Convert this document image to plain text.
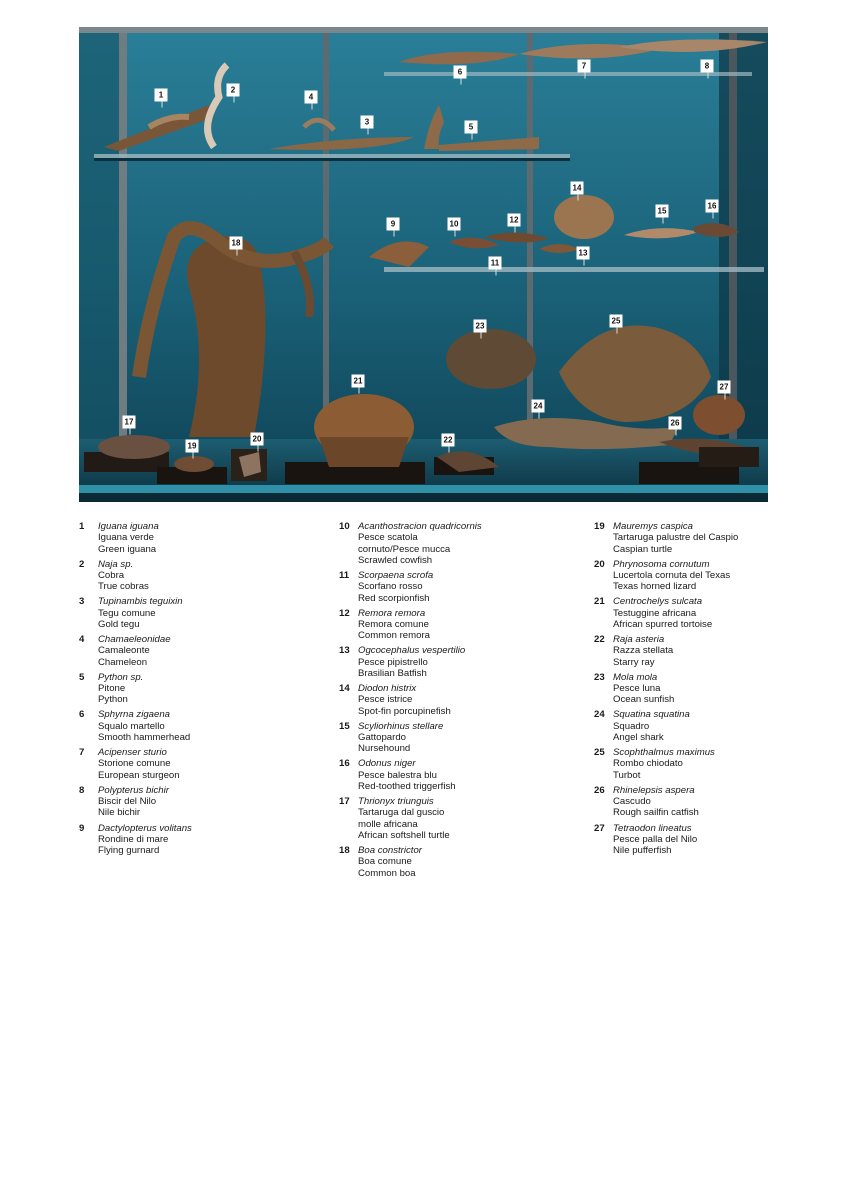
1
2
3
4
5
6
7	8
9	10
11
12
13
14
15
16
17
18
19
20
21
22
23
24
25
26
27
1 Iguana iguana
Iguana verde
Green iguana
2 Naja sp.
Cobra
True cobras
3 Tupinambis teguixin
Tegu comune
Gold tegu
4 Chamaeleonidae
Camaleonte
Chameleon
5 Python sp.
Pitone
Python
6 Sphyrna zigaena
Squalo martello
Smooth hammerhead
7 Acipenser sturio
Storione comune
European sturgeon
8 Polypterus bichir
Biscir del Nilo
Nile bichir
9 Dactylopterus volitans
Rondine di mare
Flying gurnard
10 Acanthostracion quadricornis
Pesce scatola
cornuto/Pesce mucca
Scrawled cowfish
11 Scorpaena scrofa
Scorfano rosso
Red scorpionfish
12 Remora remora
Remora comune
Common remora
13 Ogcocephalus vespertilio
Pesce pipistrello
Brasilian Batfish
14 Diodon histrix
Pesce istrice
Spot-fin porcupinefish
15 Scyliorhinus stellare
Gattopardo
Nursehound
16 Odonus niger
Pesce balestra blu
Red-toothed triggerfish
17 Thrionyx triunguis
Tartaruga dal guscio
molle africana
African softshell turtle
18 Boa constrictor
Boa comune
Common boa
19 Mauremys caspica
Tartaruga palustre del Caspio
Caspian turtle
20 Phrynosoma cornutum
Lucertola cornuta del Texas
Texas horned lizard
21 Centrochelys sulcata
Testuggine africana
African spurred tortoise
22 Raja asteria
Razza stellata
Starry ray
23 Mola mola
Pesce luna
Ocean sunfish
24 Squatina squatina
Squadro
Angel shark
25 Scophthalmus maximus
Rombo chiodato
Turbot
26 Rhinelepsis aspera
Cascudo
Rough sailfin catfish
27 Tetraodon lineatus
Pesce palla del Nilo
Nile pufferfish
